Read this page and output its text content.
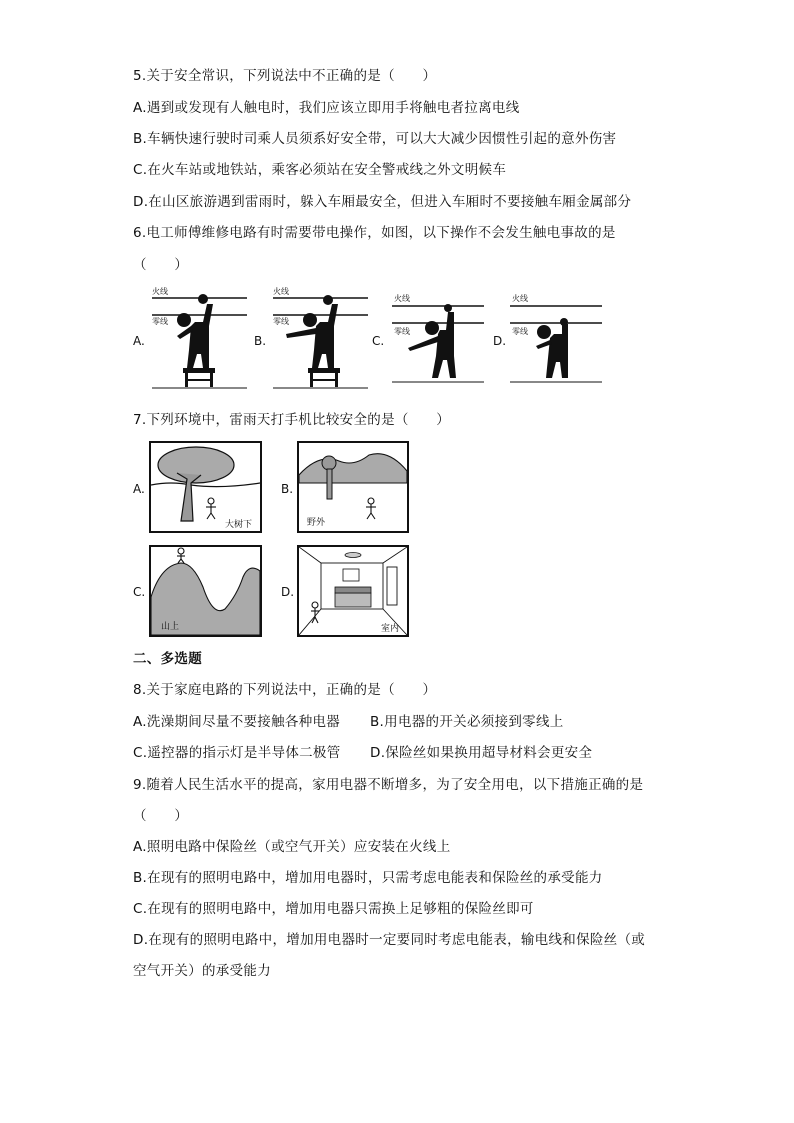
5.关于安全常识，下列说法中不正确的是（　　）
A.遇到或发现有人触电时，我们应该立即用手将触电者拉离电线
B.车辆快速行驶时司乘人员须系好安全带，可以大大减少因惯性引起的意外伤害
C.在火车站或地铁站，乘客必须站在安全警戒线之外文明候车
D.在山区旅游遇到雷雨时，躲入车厢最安全，但进入车厢时不要接触车厢金属部分
6.电工师傅维修电路有时需要带电操作，如图，以下操作不会发生触电事故的是
（　　）
A.	B.	C.	D.
火线
零线
火线
零线
火线
零线
火线
零线
7.下列环境中，雷雨天打手机比较安全的是（　　）
A.	B.
C.	D.
大树下	野外
山上	室内
二、多选题
8.关于家庭电路的下列说法中，正确的是（　　）
A.洗澡期间尽量不要接触各种电器 B.用电器的开关必须接到零线上
C.遥控器的指示灯是半导体二极管 D.保险丝如果换用超导材料会更安全
9.随着人民生活水平的提高，家用电器不断增多，为了安全用电，以下措施正确的是
（　　）
A.照明电路中保险丝（或空气开关）应安装在火线上
B.在现有的照明电路中，增加用电器时，只需考虑电能表和保险丝的承受能力
C.在现有的照明电路中，增加用电器只需换上足够粗的保险丝即可
D.在现有的照明电路中，增加用电器时一定要同时考虑电能表，输电线和保险丝（或
空气开关）的承受能力
